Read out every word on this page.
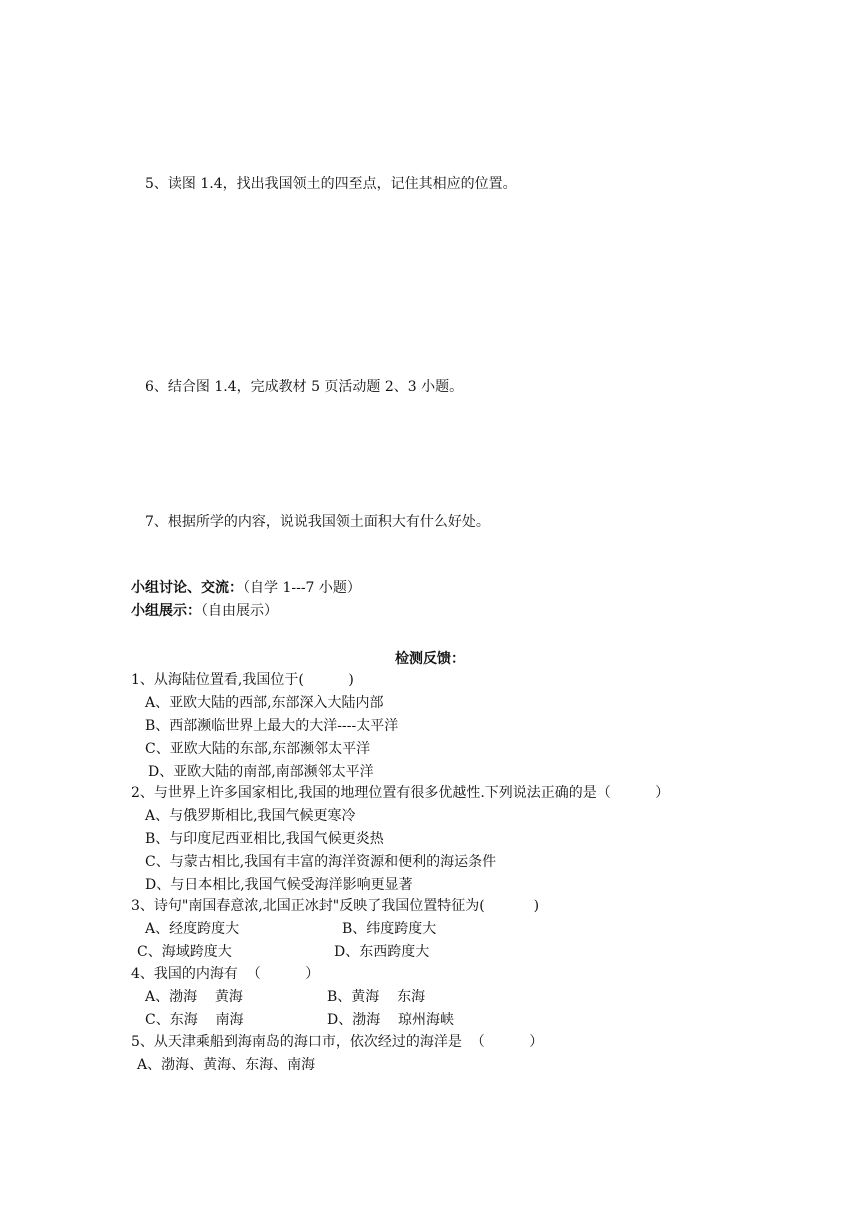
5、读图 1.4，找出我国领土的四至点，记住其相应的位置。
6、结合图 1.4，完成教材 5 页活动题 2、3 小题。
7、根据所学的内容，说说我国领土面积大有什么好处。
小组讨论、交流：（自学 1---7 小题）
小组展示：（自由展示）
检测反馈：
1、从海陆位置看,我国位于(          )
A、亚欧大陆的西部,东部深入大陆内部
B、西部濒临世界上最大的大洋----太平洋
C、亚欧大陆的东部,东部濒邻太平洋
D、亚欧大陆的南部,南部濒邻太平洋
2、与世界上许多国家相比,我国的地理位置有很多优越性.下列说法正确的是（          ）
A、与俄罗斯相比,我国气候更寒冷
B、与印度尼西亚相比,我国气候更炎热
C、与蒙古相比,我国有丰富的海洋资源和便利的海运条件
D、与日本相比,我国气候受海洋影响更显著
3、诗句"南国春意浓,北国正冰封"反映了我国位置特征为(           )
A、经度跨度大	B、纬度跨度大
C、海域跨度大	D、东西跨度大
4、我国的内海有  （          ）
A、渤海    黄海	B、黄海    东海
C、东海    南海	D、渤海    琼州海峡
5、从天津乘船到海南岛的海口市，依次经过的海洋是  （          ）
A、渤海、黄海、东海、南海
